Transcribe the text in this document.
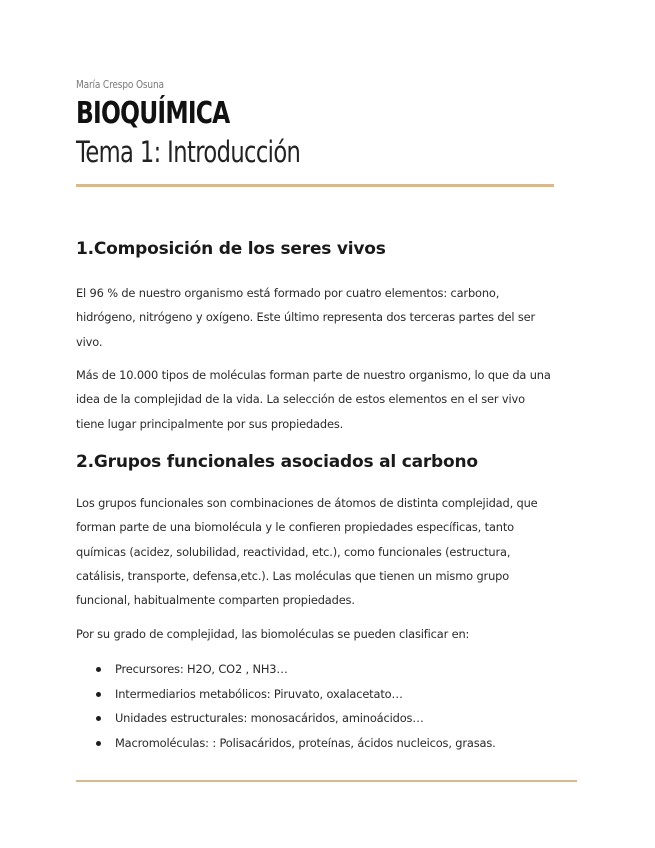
María Crespo Osuna
BIOQUÍMICA
Tema 1: Introducción
1.Composición de los seres vivos

El 96 % de nuestro organismo está formado por cuatro elementos: carbono, hidrógeno, nitrógeno y oxígeno. Este último representa dos terceras partes del ser vivo.

Más de 10.000 tipos de moléculas forman parte de nuestro organismo, lo que da una idea de la complejidad de la vida. La selección de estos elementos en el ser vivo tiene lugar principalmente por sus propiedades.

2.Grupos funcionales asociados al carbono

Los grupos funcionales son combinaciones de átomos de distinta complejidad, que forman parte de una biomolécula y le confieren propiedades específicas, tanto químicas (acidez, solubilidad, reactividad, etc.), como funcionales (estructura, catálisis, transporte, defensa,etc.). Las moléculas que tienen un mismo grupo funcional, habitualmente comparten propiedades.

Por su grado de complejidad, las biomoléculas se pueden clasificar en:

Precursores: H2O, CO2 , NH3…
Intermediarios metabólicos: Piruvato, oxalacetato…
Unidades estructurales: monosacáridos, aminoácidos…
Macromoléculas: : Polisacáridos, proteínas, ácidos nucleicos, grasas.
